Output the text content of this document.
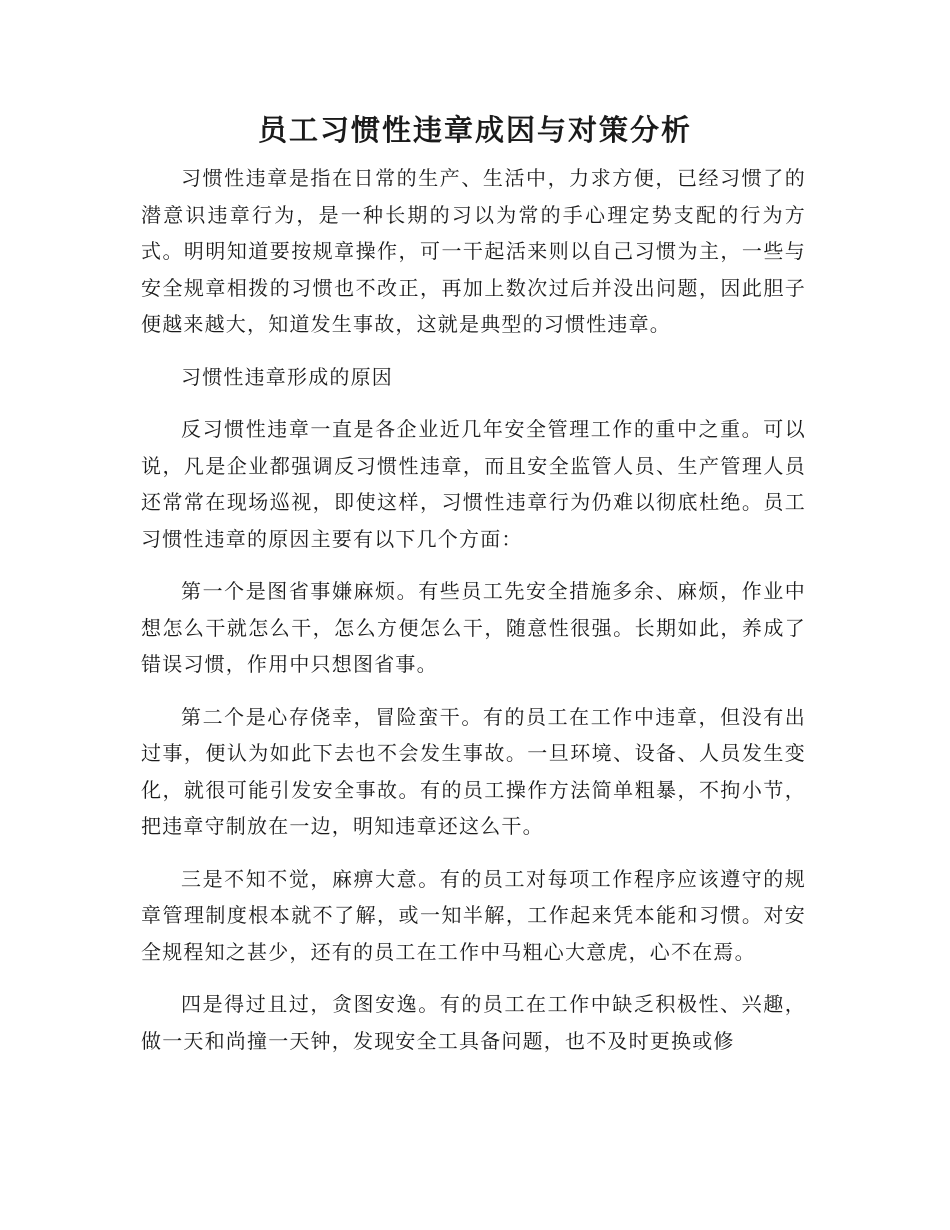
员工习惯性违章成因与对策分析

习惯性违章是指在日常的生产、生活中，力求方便，已经习惯了的潜意识违章行为，是一种长期的习以为常的手心理定势支配的行为方式。明明知道要按规章操作，可一干起活来则以自己习惯为主，一些与安全规章相拨的习惯也不改正，再加上数次过后并没出问题，因此胆子便越来越大，知道发生事故，这就是典型的习惯性违章。

习惯性违章形成的原因

反习惯性违章一直是各企业近几年安全管理工作的重中之重。可以说，凡是企业都强调反习惯性违章，而且安全监管人员、生产管理人员还常常在现场巡视，即使这样，习惯性违章行为仍难以彻底杜绝。员工习惯性违章的原因主要有以下几个方面：

第一个是图省事嫌麻烦。有些员工先安全措施多余、麻烦，作业中想怎么干就怎么干，怎么方便怎么干，随意性很强。长期如此，养成了错误习惯，作用中只想图省事。

第二个是心存侥幸，冒险蛮干。有的员工在工作中违章，但没有出过事，便认为如此下去也不会发生事故。一旦环境、设备、人员发生变化，就很可能引发安全事故。有的员工操作方法简单粗暴，不拘小节，把违章守制放在一边，明知违章还这么干。

三是不知不觉，麻痹大意。有的员工对每项工作程序应该遵守的规章管理制度根本就不了解，或一知半解，工作起来凭本能和习惯。对安全规程知之甚少，还有的员工在工作中马粗心大意虎，心不在焉。

四是得过且过，贪图安逸。有的员工在工作中缺乏积极性、兴趣，做一天和尚撞一天钟，发现安全工具备问题，也不及时更换或修
